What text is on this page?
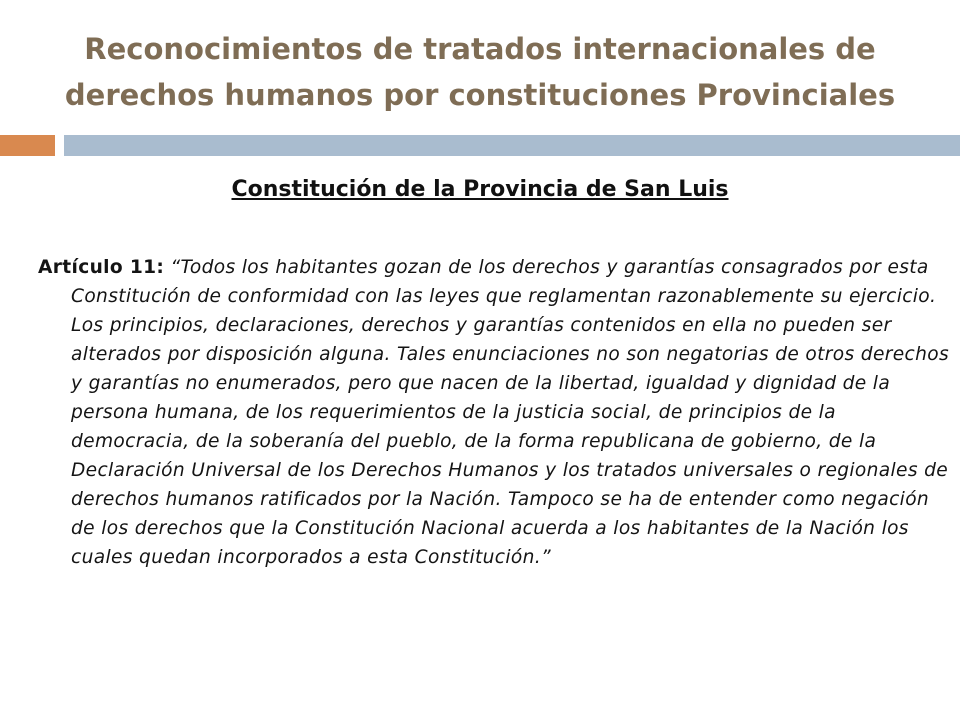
Reconocimientos de tratados internacionales de derechos humanos por constituciones Provinciales
Constitución de la Provincia de San Luis

Artículo 11: “Todos los habitantes gozan de los derechos y garantías consagrados por esta Constitución de conformidad con las leyes que reglamentan razonablemente su ejercicio. Los principios, declaraciones, derechos y garantías contenidos en ella no pueden ser alterados por disposición alguna. Tales enunciaciones no son negatorias de otros derechos y garantías no enumerados, pero que nacen de la libertad, igualdad y dignidad de la persona humana, de los requerimientos de la justicia social, de principios de la democracia, de la soberanía del pueblo, de la forma republicana de gobierno, de la Declaración Universal de los Derechos Humanos y los tratados universales o regionales de derechos humanos ratificados por la Nación. Tampoco se ha de entender como negación de los derechos que la Constitución Nacional acuerda a los habitantes de la Nación los cuales quedan incorporados a esta Constitución.”
